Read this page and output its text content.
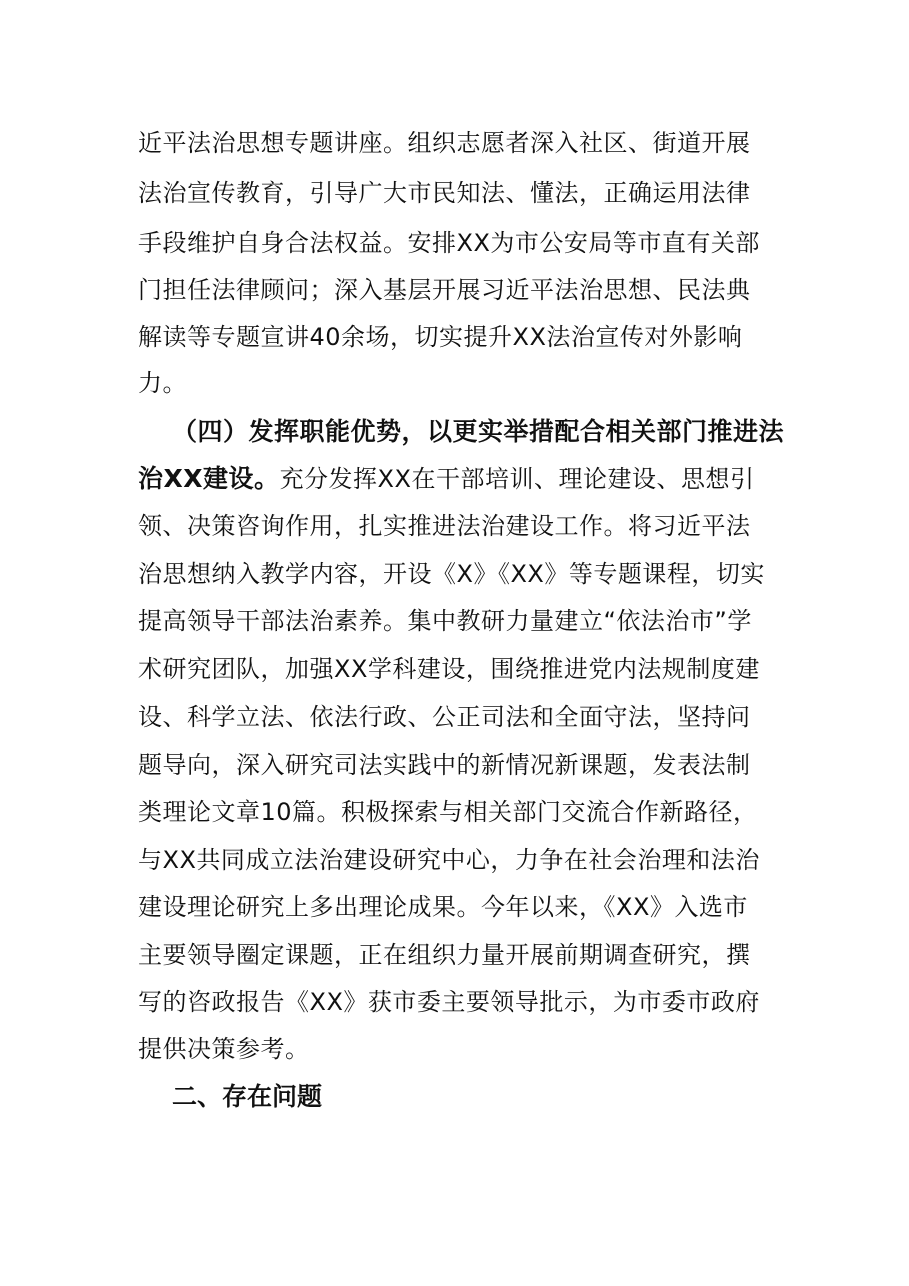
近平法治思想专题讲座。组织志愿者深入社区、街道开展
法治宣传教育，引导广大市民知法、懂法，正确运用法律
手段维护自身合法权益。安排XX为市公安局等市直有关部
门担任法律顾问；深入基层开展习近平法治思想、民法典
解读等专题宣讲40余场，切实提升XX法治宣传对外影响
力。
（四）发挥职能优势，以更实举措配合相关部门推进法
治XX建设。充分发挥XX在干部培训、理论建设、思想引
领、决策咨询作用，扎实推进法治建设工作。将习近平法
治思想纳入教学内容，开设《X》《XX》等专题课程，切实
提高领导干部法治素养。集中教研力量建立“依法治市”学
术研究团队，加强XX学科建设，围绕推进党内法规制度建
设、科学立法、依法行政、公正司法和全面守法，坚持问
题导向，深入研究司法实践中的新情况新课题，发表法制
类理论文章10篇。积极探索与相关部门交流合作新路径，
与XX共同成立法治建设研究中心，力争在社会治理和法治
建设理论研究上多出理论成果。今年以来，《XX》入选市
主要领导圈定课题，正在组织力量开展前期调查研究，撰
写的咨政报告《XX》获市委主要领导批示，为市委市政府
提供决策参考。
二、存在问题
